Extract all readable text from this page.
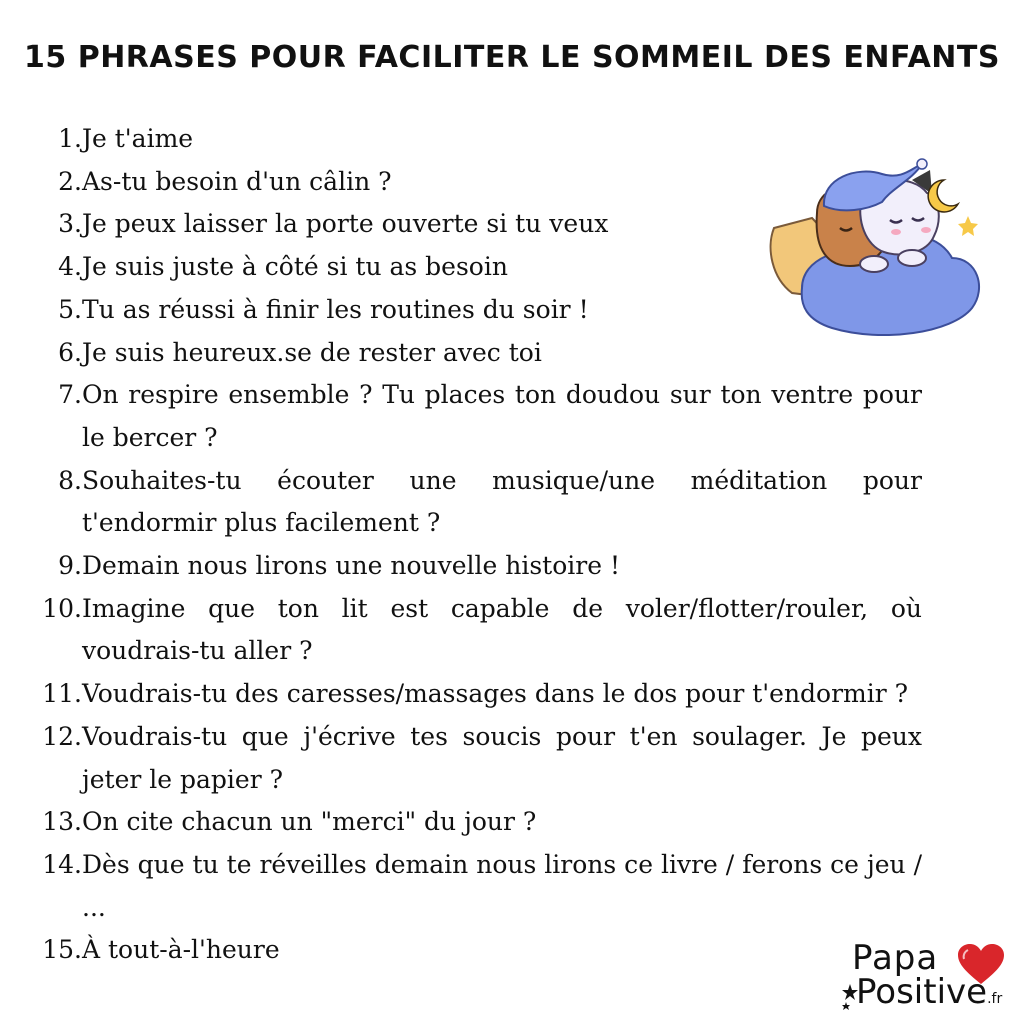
15 PHRASES POUR FACILITER LE SOMMEIL DES ENFANTS
1. Je t'aime
2. As-tu besoin d'un câlin ?
3. Je peux laisser la porte ouverte si tu veux
4. Je suis juste à côté si tu as besoin
5. Tu as réussi à finir les routines du soir !
6. Je suis heureux.se de rester avec toi
7. On respire ensemble ? Tu places ton doudou sur ton ventre pour le bercer ?
8. Souhaites-tu écouter une musique/une méditation pour t'endormir plus facilement ?
9. Demain nous lirons une nouvelle histoire !
10. Imagine que ton lit est capable de voler/flotter/rouler, où voudrais-tu aller ?
11. Voudrais-tu des caresses/massages dans le dos pour t'endormir ?
12. Voudrais-tu que j'écrive tes soucis pour t'en soulager. Je peux jeter le papier ?
13. On cite chacun un "merci" du jour ?
14. Dès que tu te réveilles demain nous lirons ce livre / ferons ce jeu / ...
15. À tout-à-l'heure	Papa
Positive.fr
